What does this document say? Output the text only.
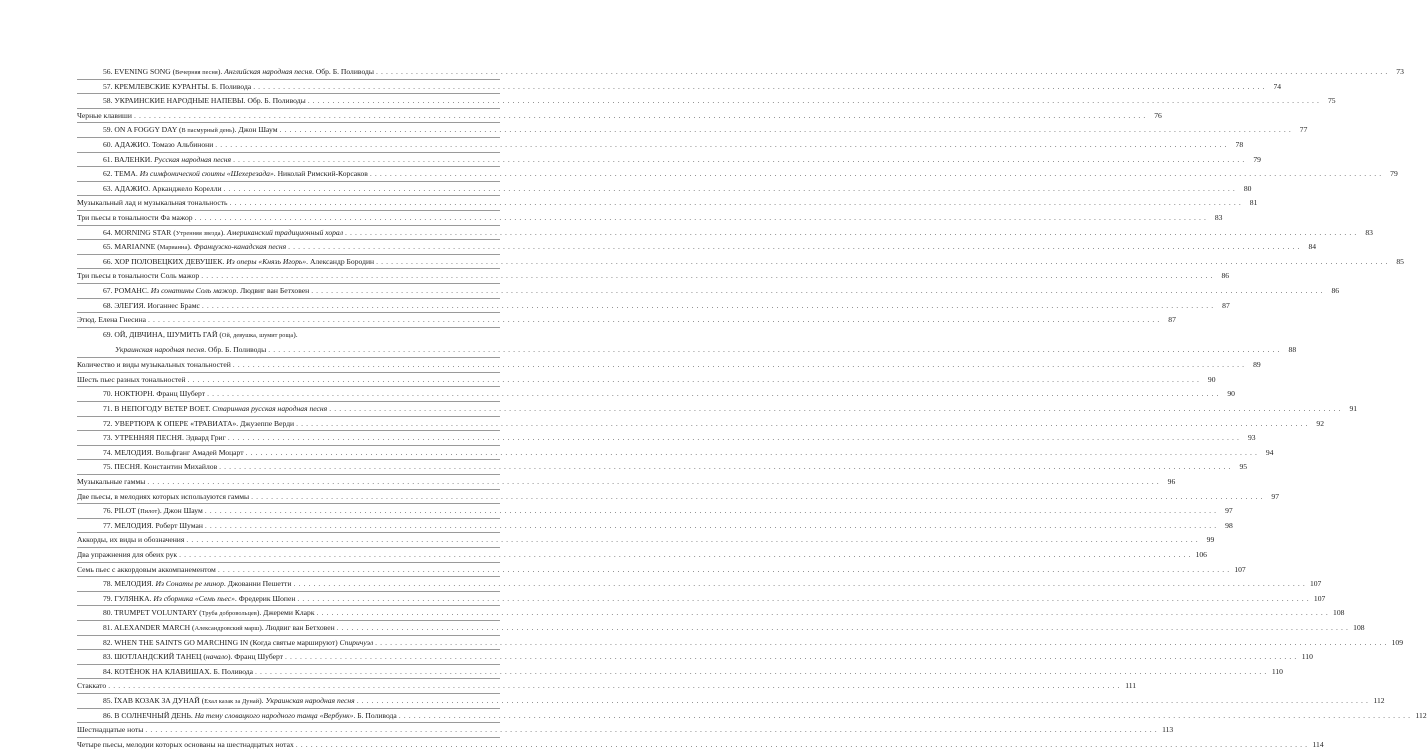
56. EVENING SONG (Вечерняя песня). Английская народная песня. Обр. Б. Поливоды . . .	73
57. КРЕМЛЕВСКИЕ КУРАНТЫ. Б. Поливода . . .	74
58. УКРАИНСКИЕ НАРОДНЫЕ НАПЕВЫ. Обр. Б. Поливоды . . .	75
Черные клавиши . . .	76
59. ON A FOGGY DAY (В пасмурный день). Джон Шаум . . .	77
60. АДАЖИО. Томазо Альбинони . . .	78
61. ВАЛЕНКИ. Русская народная песня . . .	79
62. ТЕМА. Из симфонической сюиты «Шехерезада». Николай Римский-Корсаков . . .	79
63. АДАЖИО. Арканджело Корелли . . .	80
Музыкальный лад и музыкальная тональность . . .	81
Три пьесы в тональности Фа мажор . . .	83
64. MORNING STAR (Утренняя звезда). Американский традиционный хорал . . .	83
65. MARIANNE (Марианна). Французско-канадская песня . . .	84
66. ХОР ПОЛОВЕЦКИХ ДЕВУШЕК. Из оперы «Князь Игорь». Александр Бородин . . .	85
Три пьесы в тональности Соль мажор . . .	86
67. РОМАНС. Из сонатины Соль мажор. Людвиг ван Бетховен . . .	86
68. ЭЛЕГИЯ. Иоганнес Брамс . . .	87
Этюд. Елена Гнесина . . .	87
69. ОЙ, ДІВЧИНА, ШУМИТЬ ГАЙ (Ой, девушка, шумит роща).
Украинская народная песня. Обр. Б. Поливоды . . .	88
Количество и виды музыкальных тональностей . . .	89
Шесть пьес разных тональностей . . .	90
70. НОКТЮРН. Франц Шуберт . . .	90
71. В НЕПОГОДУ ВЕТЕР ВОЕТ. Старинная русская народная песня . . .	91
72. УВЕРТЮРА К ОПЕРЕ «ТРАВИАТА». Джузеппе Верди . . .	92
73. УТРЕННЯЯ ПЕСНЯ. Эдвард Григ . . .	93
74. МЕЛОДИЯ. Вольфганг Амадей Моцарт . . .	94
75. ПЕСНЯ. Константин Михайлов . . .	95
Музыкальные гаммы . . .	96
Две пьесы, в мелодиях которых используются гаммы . . .	97
76. PILOT (Пилот). Джон Шаум . . .	97
77. МЕЛОДИЯ. Роберт Шуман . . .	98
Аккорды, их виды и обозначения . . .	99
Два упражнения для обеих рук . . .	106
Семь пьес с аккордовым аккомпанементом . . .	107
78. МЕЛОДИЯ. Из Сонаты ре минор. Джованни Пешетти . . .	107
79. ГУЛЯНКА. Из сборника «Семь пьес». Фредерик Шопен . . .	107
80. TRUMPET VOLUNTARY (Труба добровольцев). Джереми Кларк . . .	108
81. ALEXANDER MARCH (Александровский марш). Людвиг ван Бетховен . . .	108
82. WHEN THE SAINTS GO MARCHING IN (Когда святые маршируют) Спиричуэл . . .	109
83. ШОТЛАНДСКИЙ ТАНЕЦ (начало). Франц Шуберт . . .	110
84. КОТЁНОК НА КЛАВИШАХ. Б. Поливода . . .	110
Стаккато . . .	111
85. ЇХАВ КОЗАК ЗА ДУНАЙ (Ехал казак за Дунай). Украинская народная песня . . .	112
86. В СОЛНЕЧНЫЙ ДЕНЬ. На тему словацкого народного танца «Вербунк». Б. Поливода . . .	112
Шестнадцатые ноты . . .	113
Четыре пьесы, мелодии которых основаны на шестнадцатых нотах . . .	114
